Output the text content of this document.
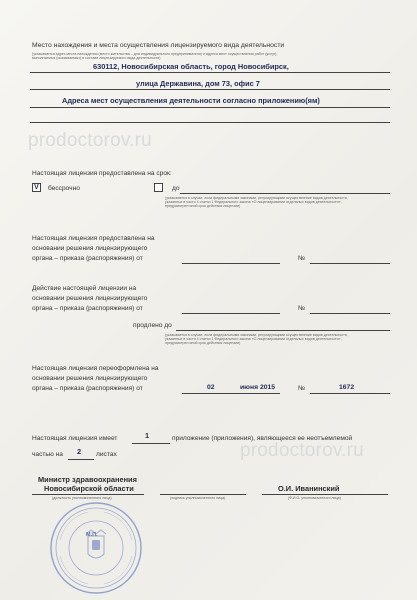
Место нахождения и места осуществления лицензируемого вида деятельности
(указываются адрес места нахождения (место жительства – для индивидуального предпринимателя) и адреса мест осуществления работ (услуг),
выполняемых (оказываемых) в составе лицензируемого вида деятельности)
630112, Новосибирская область, город Новосибирск,
улица Державина, дом 73, офис 7
Адреса мест осуществления деятельности согласно приложению(ям)
prodoctorov.ru
Настоящая лицензия предоставлена на срок:
V бессрочно	до
(указывается в случае, если федеральными законами, регулирующими осуществление видов деятельности,
указанных в части 4 статьи 1 Федерального закона «О лицензировании отдельных видов деятельности»,
предусмотрен иной срок действия лицензии)
Настоящая лицензия предоставлена на
основании решения лицензирующего
органа – приказа (распоряжения) от	№
Действие настоящей лицензии на
основании решения лицензирующего
органа – приказа (распоряжения) от	№
продлено до
(указывается в случае, если федеральными законами, регулирующими осуществление видов деятельности,
указанных в части 4 статьи 1 Федерального закона «О лицензировании отдельных видов деятельности»,
предусмотрен иной срок действия лицензии)
Настоящая лицензия переоформлена на
основании решения лицензирующего
органа – приказа (распоряжения) от	02	июня 2015	№	1672
Настоящая лицензия имеет	1	приложение (приложения), являющееся ее неотъемлемой
частью на 2 листах	prodoctorov.ru
Министр здравоохранения
Новосибирской области
(должность уполномоченного лица)	(подпись уполномоченного лица)
О.И. Иванинский
(Ф.И.О. уполномоченного лица)
М.П.
